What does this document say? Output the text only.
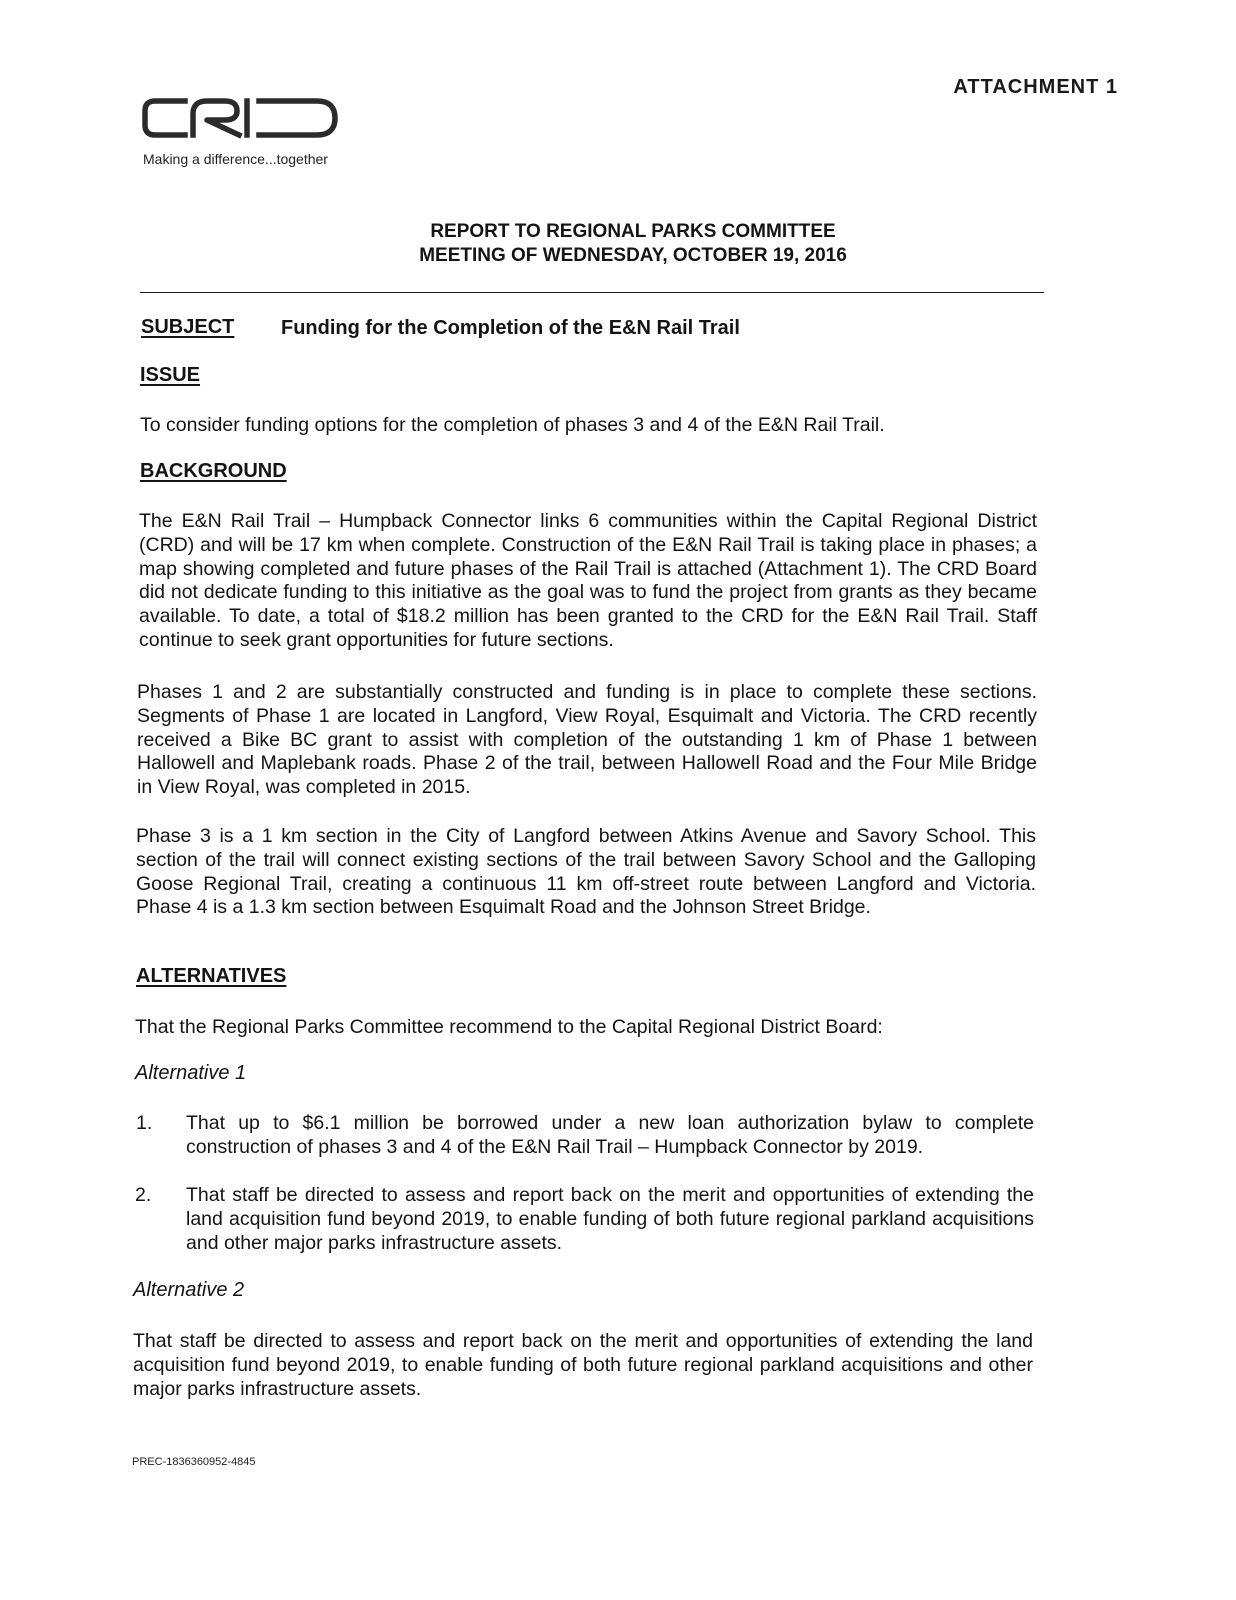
ATTACHMENT 1
Making a difference...together
REPORT TO REGIONAL PARKS COMMITTEE
MEETING OF WEDNESDAY, OCTOBER 19, 2016
SUBJECT Funding for the Completion of the E&N Rail Trail
ISSUE
To consider funding options for the completion of phases 3 and 4 of the E&N Rail Trail.
BACKGROUND
The E&N Rail Trail – Humpback Connector links 6 communities within the Capital Regional District (CRD) and will be 17 km when complete. Construction of the E&N Rail Trail is taking place in phases; a map showing completed and future phases of the Rail Trail is attached (Attachment 1). The CRD Board did not dedicate funding to this initiative as the goal was to fund the project from grants as they became available. To date, a total of $18.2 million has been granted to the CRD for the E&N Rail Trail. Staff continue to seek grant opportunities for future sections.
Phases 1 and 2 are substantially constructed and funding is in place to complete these sections. Segments of Phase 1 are located in Langford, View Royal, Esquimalt and Victoria. The CRD recently received a Bike BC grant to assist with completion of the outstanding 1 km of Phase 1 between Hallowell and Maplebank roads. Phase 2 of the trail, between Hallowell Road and the Four Mile Bridge in View Royal, was completed in 2015.
Phase 3 is a 1 km section in the City of Langford between Atkins Avenue and Savory School. This section of the trail will connect existing sections of the trail between Savory School and the Galloping Goose Regional Trail, creating a continuous 11 km off-street route between Langford and Victoria. Phase 4 is a 1.3 km section between Esquimalt Road and the Johnson Street Bridge.
ALTERNATIVES
That the Regional Parks Committee recommend to the Capital Regional District Board:
Alternative 1
1. That up to $6.1 million be borrowed under a new loan authorization bylaw to complete construction of phases 3 and 4 of the E&N Rail Trail – Humpback Connector by 2019.
2. That staff be directed to assess and report back on the merit and opportunities of extending the land acquisition fund beyond 2019, to enable funding of both future regional parkland acquisitions and other major parks infrastructure assets.
Alternative 2
That staff be directed to assess and report back on the merit and opportunities of extending the land acquisition fund beyond 2019, to enable funding of both future regional parkland acquisitions and other major parks infrastructure assets.
PREC-1836360952-4845
